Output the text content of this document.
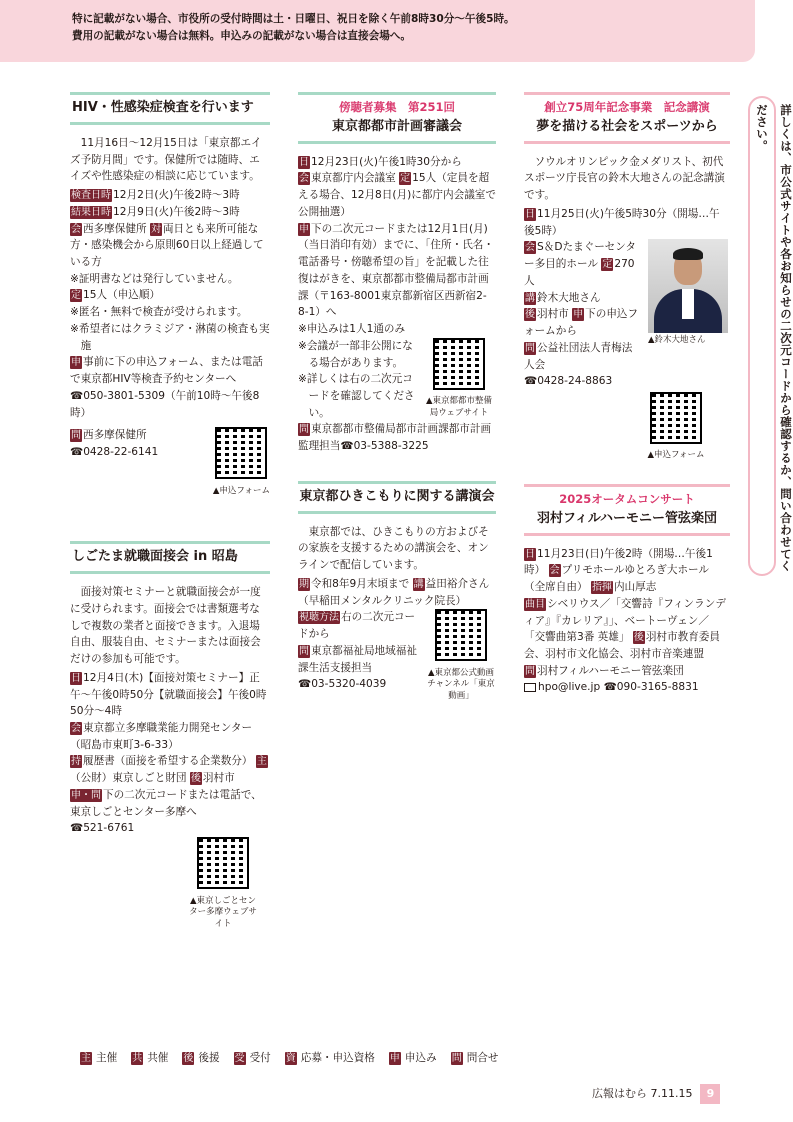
特に記載がない場合、市役所の受付時間は土・日曜日、祝日を除く午前8時30分〜午後5時。
費用の記載がない場合は無料。申込みの記載がない場合は直接会場へ。
HIV・性感染症検査を行います

11月16日〜12月15日は「東京都エイズ予防月間」です。保健所では随時、エイズや性感染症の相談に応じています。

検査日時 12月2日(火)午後2時〜3時

結果日時 12月9日(火)午後2時〜3時

会 西多摩保健所 対 両日とも来所可能な方・感染機会から原則60日以上経過している方

※証明書などは発行していません。

定 15人（申込順）

※匿名・無料で検査が受けられます。

※希望者にはクラミジア・淋菌の検査も実施

申 事前に下の申込フォーム、または電話で東京都HIV等検査予約センターへ☎050-3801-5309（午前10時〜午後8時）

問 西多摩保健所

☎0428-22-6141

▲申込フォーム
しごたま就職面接会 in 昭島

面接対策セミナーと就職面接会が一度に受けられます。面接会では書類選考なしで複数の業者と面接できます。入退場自由、服装自由、セミナーまたは面接会だけの参加も可能です。

日 12月4日(木)【面接対策セミナー】正午〜午後0時50分【就職面接会】午後0時50分〜4時

会 東京都立多摩職業能力開発センター（昭島市東町3-6-33）

持 履歴書（面接を希望する企業数分） 主（公財）東京しごと財団 後 羽村市

申・問 下の二次元コードまたは電話で、東京しごとセンター多摩へ

☎521-6761

▲東京しごとセンター多摩ウェブサイト
傍聴者募集　第251回
東京都都市計画審議会

日 12月23日(火)午後1時30分から

会 東京都庁内会議室 定 15人（定員を超える場合、12月8日(月)に都庁内会議室で公開抽選）

申 下の二次元コードまたは12月1日(月)（当日消印有効）までに、「住所・氏名・電話番号・傍聴希望の旨」を記載した往復はがきを、東京都都市整備局都市計画課（〒163-8001東京都新宿区西新宿2-8-1）へ

※申込みは1人1通のみ

※会議が一部非公開になる場合があります。

※詳しくは右の二次元コードを確認してください。

▲東京都都市整備局ウェブサイト

問 東京都都市整備局都市計画課都市計画監理担当☎03-5388-3225

東京都ひきこもりに関する講演会

東京都では、ひきこもりの方およびその家族を支援するための講演会を、オンラインで配信しています。

期 令和8年9月末頃まで 講 益田裕介さん（早稲田メンタルクリニック院長）

視聴方法 右の二次元コードから

問 東京都福祉局地域福祉課生活支援担当

☎03-5320-4039

▲東京都公式動画チャンネル「東京動画」
創立75周年記念事業　記念講演
夢を描ける社会をスポーツから

ソウルオリンピック金メダリスト、初代スポーツ庁長官の鈴木大地さんの記念講演です。

日 11月25日(火)午後5時30分（開場…午後5時）

会 S＆Dたまぐーセンター多目的ホール 定 270人

講 鈴木大地さん

後 羽村市 申 下の申込フォームから

問 公益社団法人青梅法人会

☎0428-24-8863

▲鈴木大地さん
▲申込フォーム
2025オータムコンサート
羽村フィルハーモニー管弦楽団

日 11月23日(日)午後2時（開場…午後1時） 会 プリモホールゆとろぎ大ホール（全席自由） 指揮 内山厚志

曲目 シベリウス／「交響詩『フィンランディア』『カレリア』」、ベートーヴェン／「交響曲第3番 英雄」 後 羽村市教育委員会、羽村市文化協会、羽村市音楽連盟

問 羽村フィルハーモニー管弦楽団

hpo@live.jp ☎090-3165-8831

詳しくは、市公式サイトや各お知らせの二次元コードから確認するか、問い合わせてください。
主 主催 共 共催 後 後援 受 受付 資 応募・申込資格 申 申込み 問 問合せ
広報はむら 7.11.15	9
